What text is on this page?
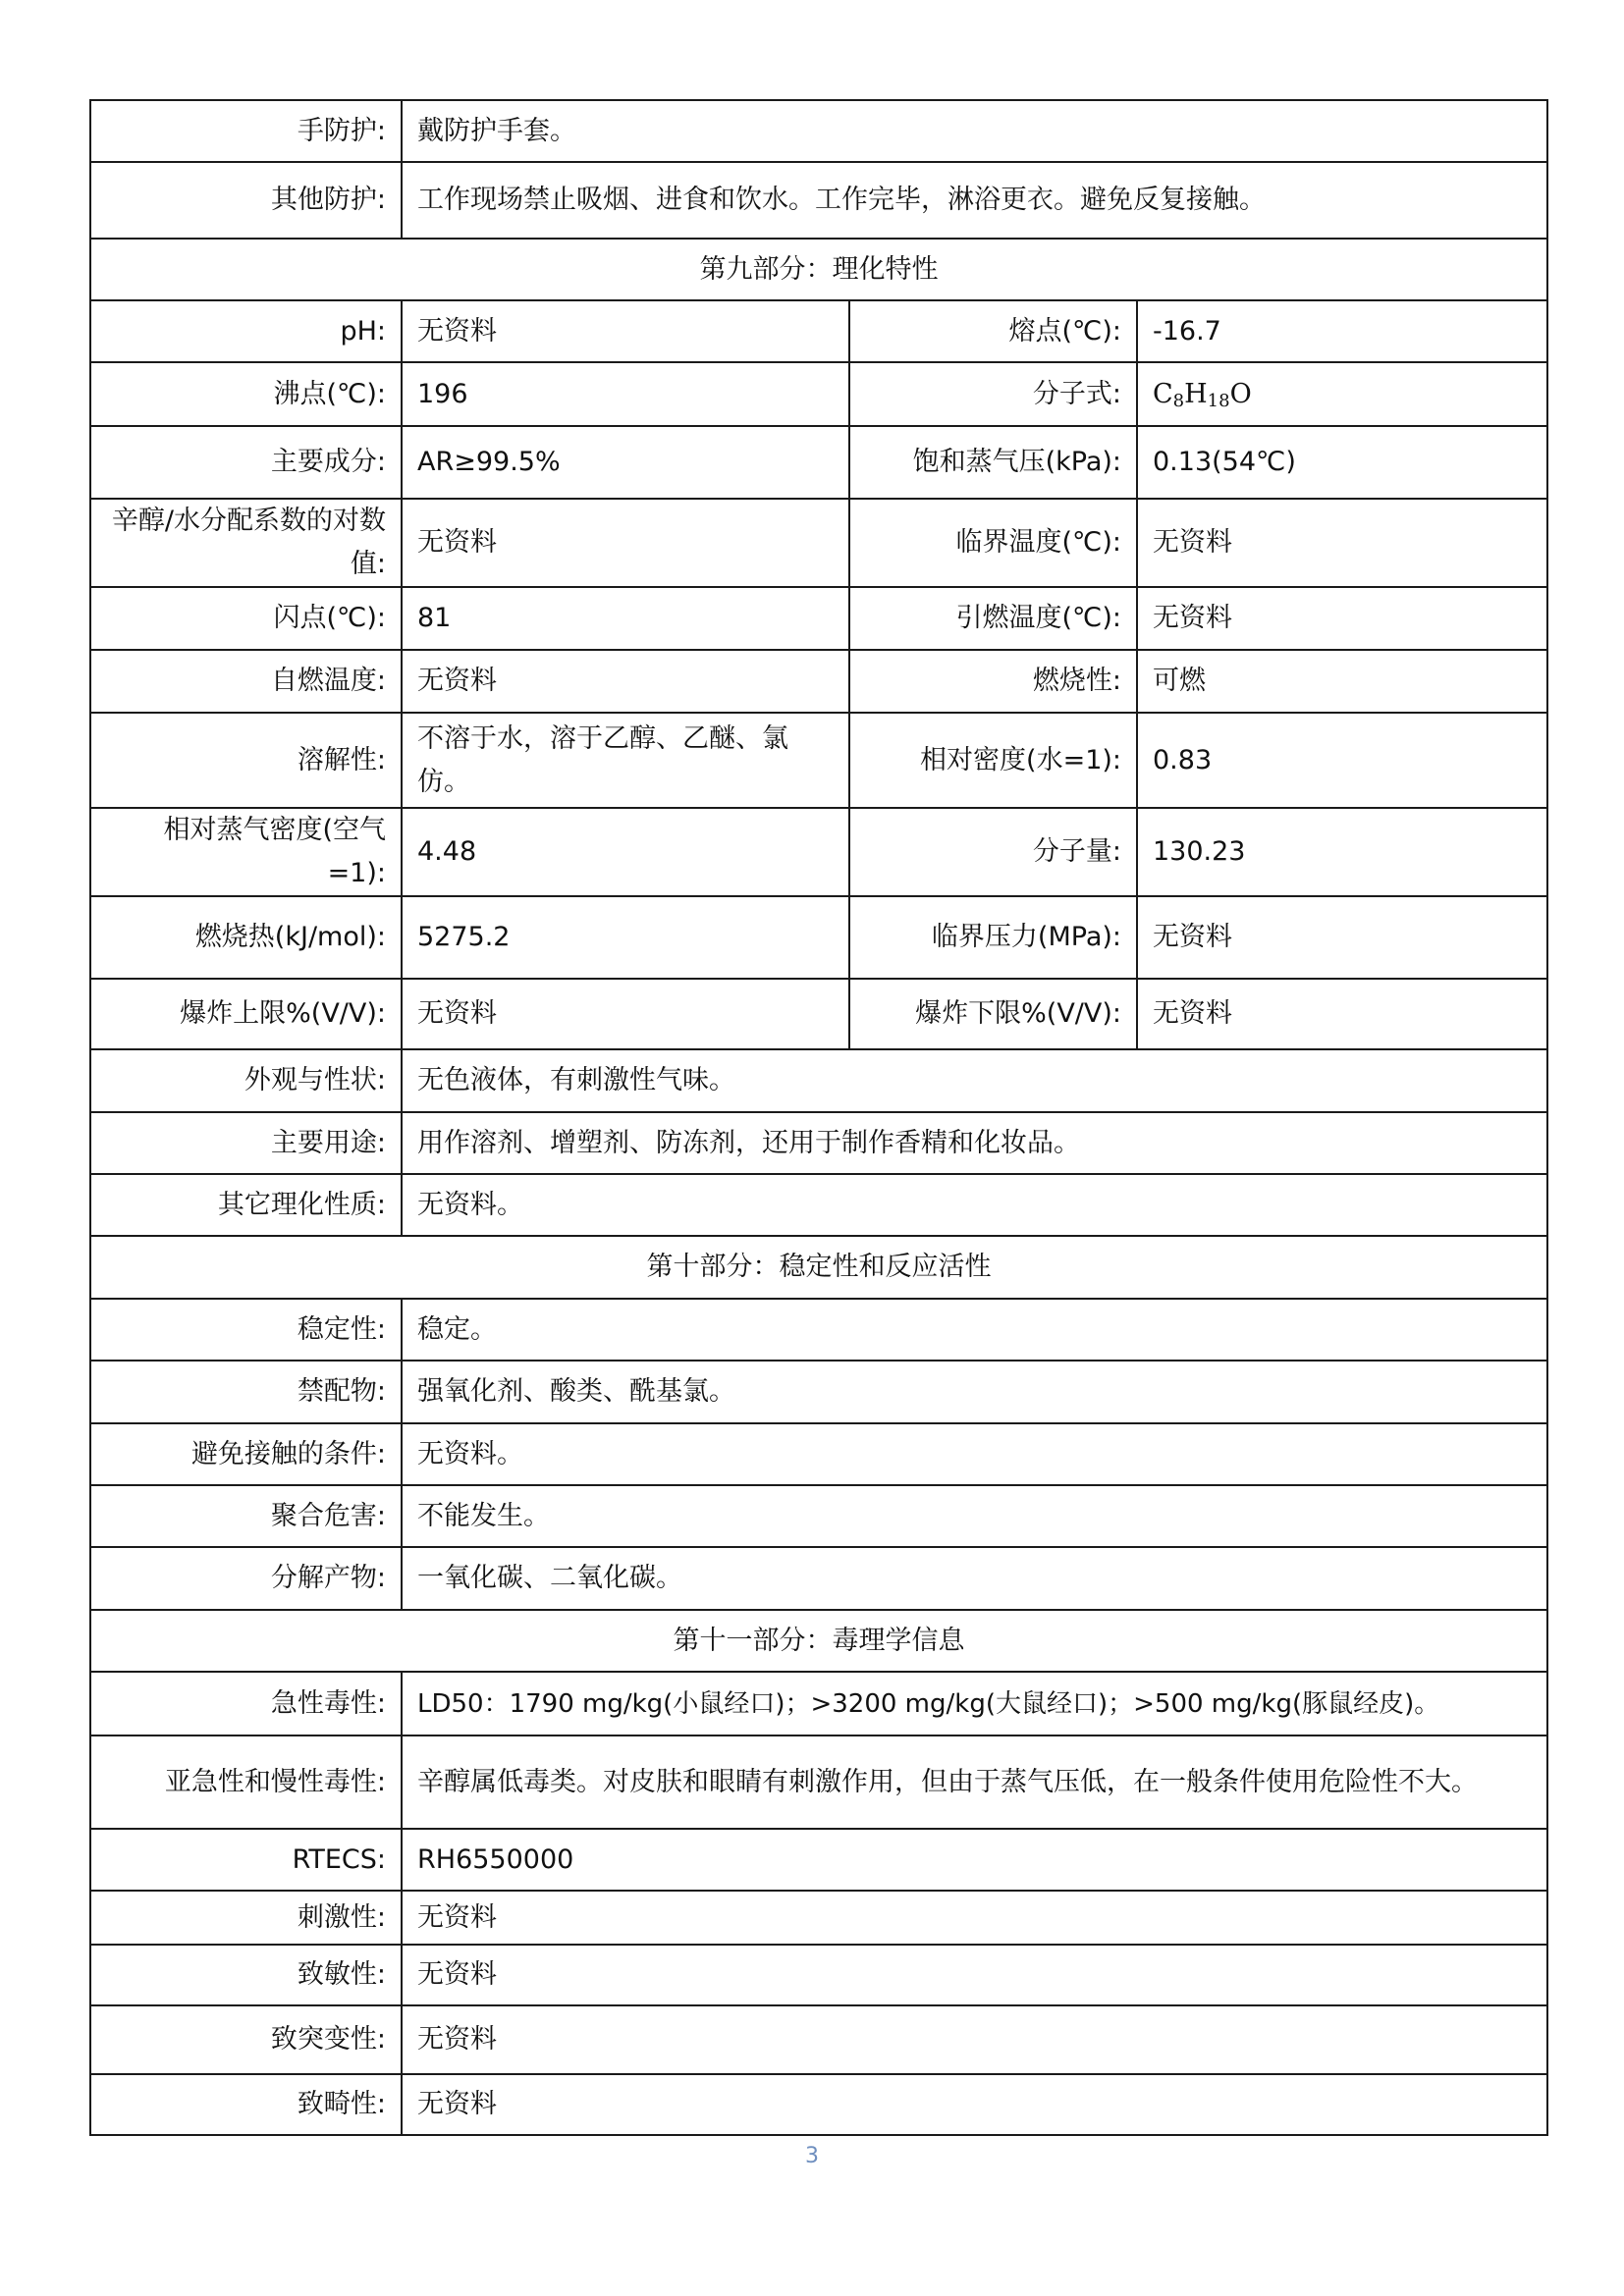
手防护:	戴防护手套。		
其他防护:	工作现场禁止吸烟、进食和饮水。工作完毕，淋浴更衣。避免反复接触。		
第九部分：理化特性			
pH:	无资料	熔点(℃):	-16.7
沸点(℃):	196	分子式:	$C_8H_{18}O$
主要成分:	AR≥99.5%	饱和蒸气压(kPa):	0.13(54℃)
辛醇/水分配系数的对数值:	无资料	临界温度(℃):	无资料
闪点(℃):	81	引燃温度(℃):	无资料
自燃温度:	无资料	燃烧性:	可燃
溶解性:	不溶于水，溶于乙醇、乙醚、氯仿。	相对密度(水=1):	0.83
相对蒸气密度(空气=1):	4.48	分子量:	130.23
燃烧热(kJ/mol):	5275.2	临界压力(MPa):	无资料
爆炸上限%(V/V):	无资料	爆炸下限%(V/V):	无资料
外观与性状:	无色液体，有刺激性气味。		
主要用途:	用作溶剂、增塑剂、防冻剂，还用于制作香精和化妆品。		
其它理化性质:	无资料。		
第十部分：稳定性和反应活性			
稳定性:	稳定。		
禁配物:	强氧化剂、酸类、酰基氯。		
避免接触的条件:	无资料。		
聚合危害:	不能发生。		
分解产物:	一氧化碳、二氧化碳。		
第十一部分：毒理学信息			
急性毒性:	LD50：1790 mg/kg(小鼠经口)；>3200 mg/kg(大鼠经口)；>500 mg/kg(豚鼠经皮)。		
亚急性和慢性毒性:	辛醇属低毒类。对皮肤和眼睛有刺激作用，但由于蒸气压低，在一般条件使用危险性不大。		
RTECS:	RH6550000		
刺激性:	无资料		
致敏性:	无资料		
致突变性:	无资料		
致畸性:	无资料		
3
